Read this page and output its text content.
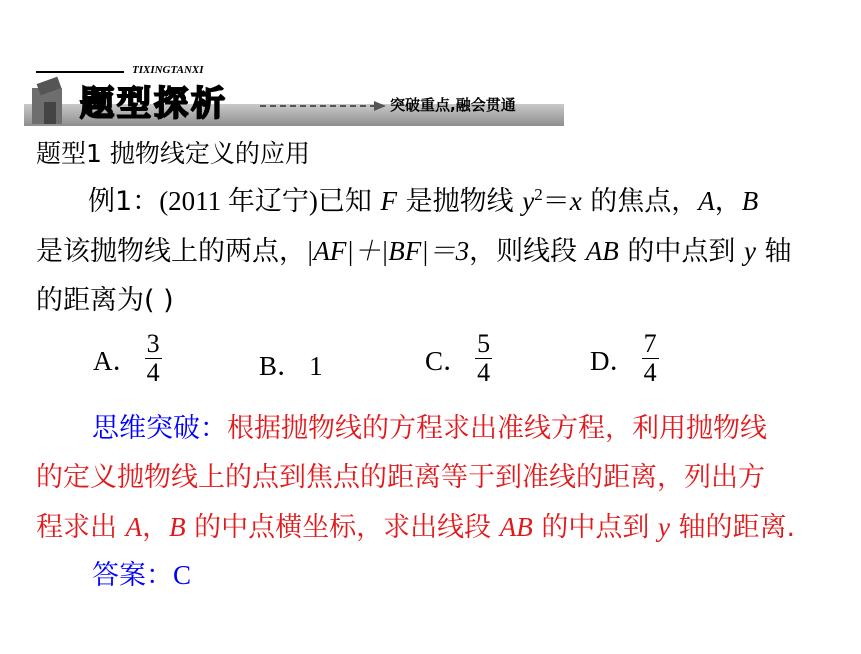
TIXINGTANXI
题型探析	突破重点,融会贯通
题型1 抛物线定义的应用
例1：(2011 年辽宁)已知 F 是抛物线 $y^2=x$ 的焦点，A，B
是该抛物线上的两点，|AF|＋|BF|＝3，则线段 AB 的中点到 y 轴
的距离为( )
A． $\frac{3}{4}$	B． 1	C． $\frac{5}{4}$	D． $\frac{7}{4}$
思维突破：根据抛物线的方程求出准线方程，利用抛物线
的定义抛物线上的点到焦点的距离等于到准线的距离，列出方
程求出 A，B 的中点横坐标，求出线段 AB 的中点到 y 轴的距离.
答案：C
